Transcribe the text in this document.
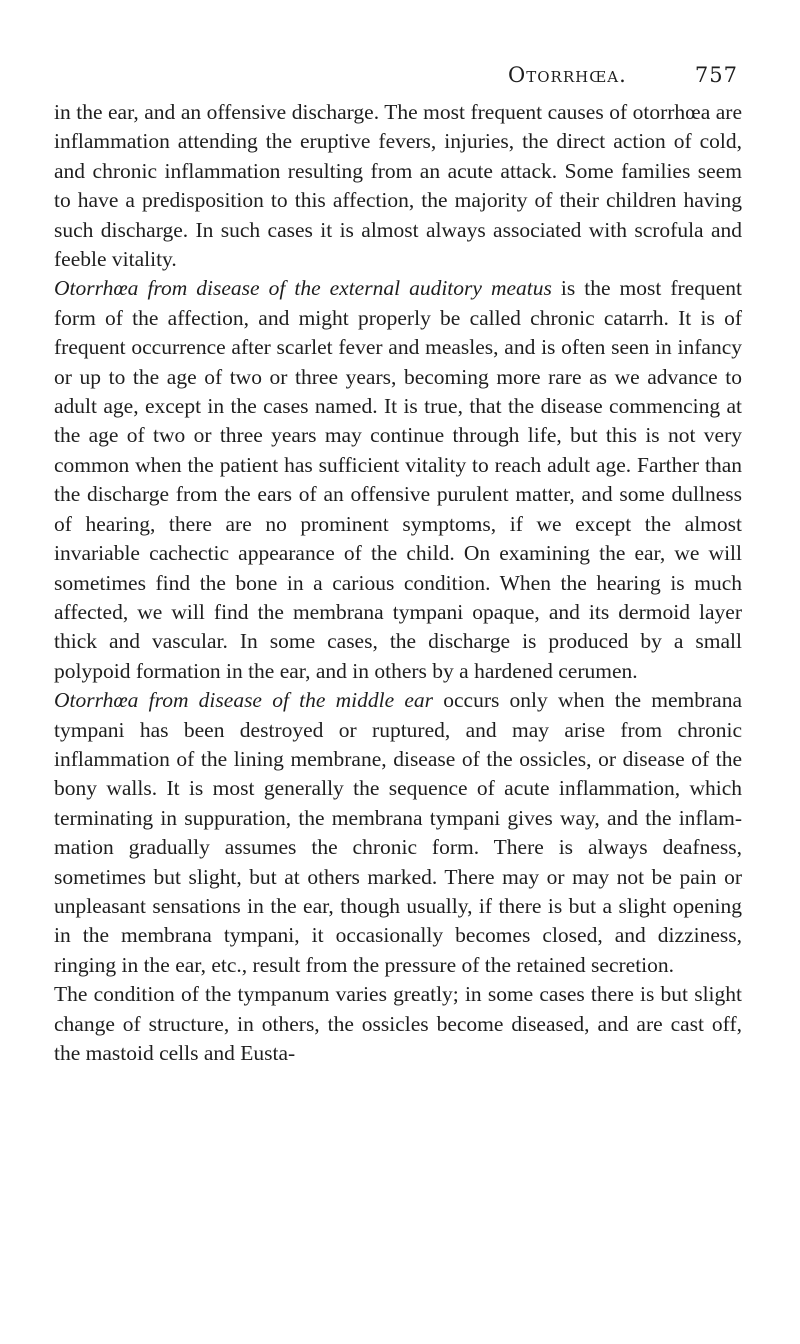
Otorrhœa.	757

in the ear, and an offensive discharge. The most frequent causes of otorrhœa are inflammation attending the eruptive fevers, injuries, the direct action of cold, and chronic inflammation resulting from an acute attack. Some families seem to have a predisposition to this affection, the majority of their children having such discharge. In such cases it is almost always associated with scrofula and feeble vitality.

Otorrhœa from disease of the external auditory meatus is the most frequent form of the affection, and might properly be called chronic catarrh. It is of frequent occurrence after scarlet fever and measles, and is often seen in infancy or up to the age of two or three years, becoming more rare as we advance to adult age, except in the cases named. It is true, that the disease commencing at the age of two or three years may continue through life, but this is not very common when the patient has sufficient vitality to reach adult age. Farther than the discharge from the ears of an offensive purulent matter, and some dullness of hearing, there are no prominent symptoms, if we except the almost invariable cachectic appearance of the child. On examining the ear, we will sometimes find the bone in a carious condition. When the hearing is much affected, we will find the membrana tympani opaque, and its dermoid layer thick and vascular. In some cases, the discharge is produced by a small polypoid formation in the ear, and in others by a hardened cerumen.

Otorrhœa from disease of the middle ear occurs only when the membrana tympani has been destroyed or ruptured, and may arise from chronic inflammation of the lining membrane, disease of the ossicles, or disease of the bony walls. It is most generally the sequence of acute inflammation, which terminating in suppuration, the membrana tympani gives way, and the inflammation gradually assumes the chronic form. There is always deafness, sometimes but slight, but at others marked. There may or may not be pain or unpleasant sensations in the ear, though usually, if there is but a slight opening in the membrana tympani, it occasionally becomes closed, and dizziness, ringing in the ear, etc., result from the pressure of the retained secretion.

The condition of the tympanum varies greatly; in some cases there is but slight change of structure, in others, the ossicles become diseased, and are cast off, the mastoid cells and Eusta-
